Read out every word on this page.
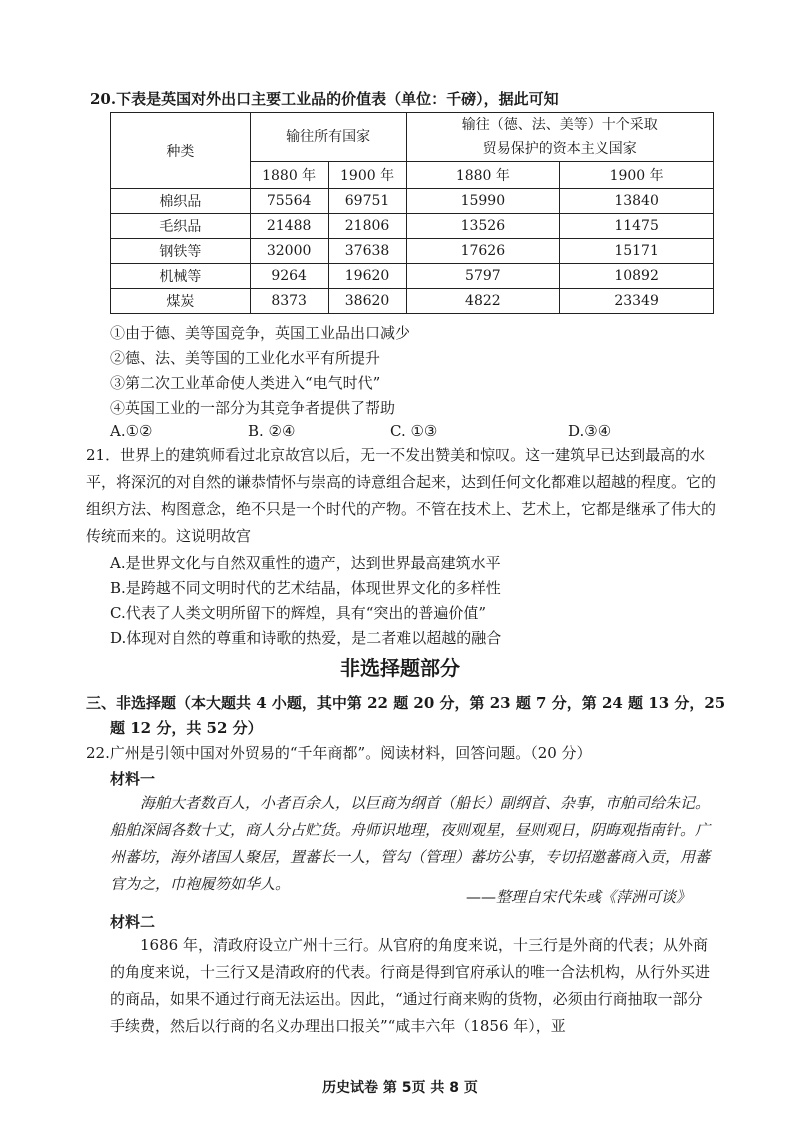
20.下表是英国对外出口主要工业品的价值表（单位：千磅），据此可知
种类	输往所有国家		输往（德、法、美等）十个采取
贸易保护的资本主义国家	
	1880 年	1900 年	1880 年	1900 年
棉织品	75564	69751	15990	13840
毛织品	21488	21806	13526	11475
钢铁等	32000	37638	17626	15171
机械等	9264	19620	5797	10892
煤炭	8373	38620	4822	23349
①由于德、美等国竞争，英国工业品出口减少
②德、法、美等国的工业化水平有所提升
③第二次工业革命使人类进入“电气时代”
④英国工业的一部分为其竞争者提供了帮助
A.①②	B. ②④	C. ①③	D.③④
21．世界上的建筑师看过北京故宫以后，无一不发出赞美和惊叹。这一建筑早已达到最高的水平，将深沉的对自然的谦恭情怀与崇高的诗意组合起来，达到任何文化都难以超越的程度。它的组织方法、构图意念，绝不只是一个时代的产物。不管在技术上、艺术上，它都是继承了伟大的传统而来的。这说明故宫
A.是世界文化与自然双重性的遗产，达到世界最高建筑水平
B.是跨越不同文明时代的艺术结晶，体现世界文化的多样性
C.代表了人类文明所留下的辉煌，具有“突出的普遍价值”
D.体现对自然的尊重和诗歌的热爱，是二者难以超越的融合
非选择题部分
三、非选择题（本大题共 4 小题，其中第 22 题 20 分，第 23 题 7 分，第 24 题 13 分，25
题 12 分，共 52 分）
22.广州是引领中国对外贸易的“千年商都”。阅读材料，回答问题。（20 分）
材料一
海舶大者数百人，小者百余人，以巨商为纲首（船长）副纲首、杂事，市舶司给朱记。船舶深阔各数十丈，商人分占贮货。舟师识地理，夜则观星，昼则观日，阴晦观指南针。广州蕃坊，海外诸国人聚居，置蕃长一人，管勾（管理）蕃坊公事，专切招邀蕃商入贡，用蕃官为之，巾袍履笏如华人。
——整理自宋代朱彧《萍洲可谈》
材料二
1686 年，清政府设立广州十三行。从官府的角度来说，十三行是外商的代表；从外商的角度来说，十三行又是清政府的代表。行商是得到官府承认的唯一合法机构，从行外买进的商品，如果不通过行商无法运出。因此，“通过行商来购的货物，必须由行商抽取一部分手续费，然后以行商的名义办理出口报关”“咸丰六年（1856 年），亚
历史试卷 第 5页 共 8 页
